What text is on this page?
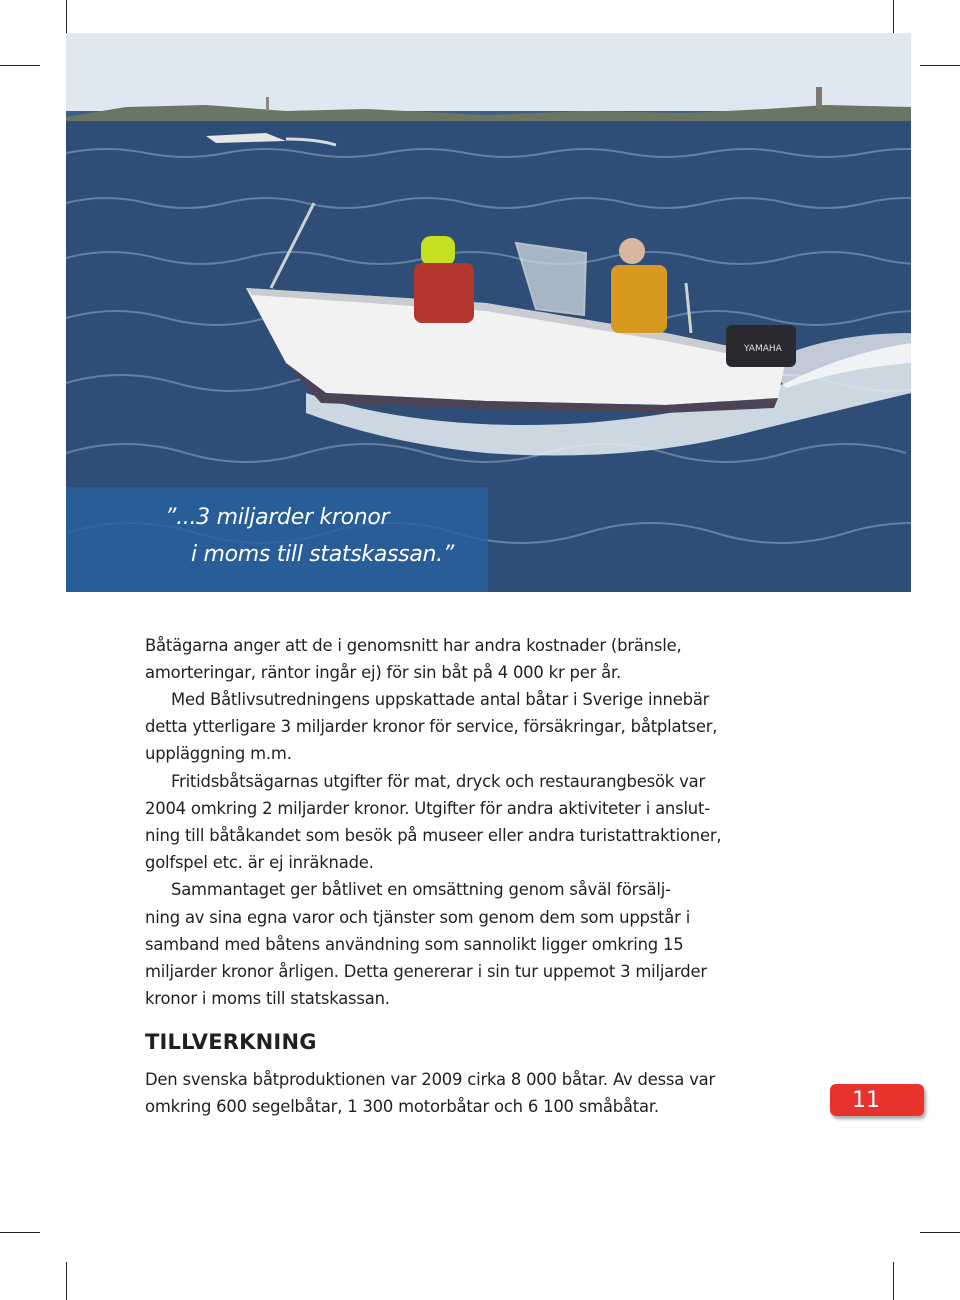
YAMAHA
”...3 miljarder kronor
i moms till statskassan.”
Båtägarna anger att de i genomsnitt har andra kostnader (bränsle,
amorteringar, räntor ingår ej) för sin båt på 4 000 kr per år.
Med Båtlivsutredningens uppskattade antal båtar i Sverige innebär
detta ytterligare 3 miljarder kronor för service, försäkringar, båtplatser,
uppläggning m.m.
Fritidsbåtsägarnas utgifter för mat, dryck och restaurangbesök var
2004 omkring 2 miljarder kronor. Utgifter för andra aktiviteter i anslut-
ning till båtåkandet som besök på museer eller andra turistattraktioner,
golfspel etc. är ej inräknade.
Sammantaget ger båtlivet en omsättning genom såväl försälj-
ning av sina egna varor och tjänster som genom dem som uppstår i
samband med båtens användning som sannolikt ligger omkring 15
miljarder kronor årligen. Detta genererar i sin tur uppemot 3 miljarder
kronor i moms till statskassan.
TILLVERKNING
Den svenska båtproduktionen var 2009 cirka 8 000 båtar. Av dessa var
omkring 600 segelbåtar, 1 300 motorbåtar och 6 100 småbåtar.	11
